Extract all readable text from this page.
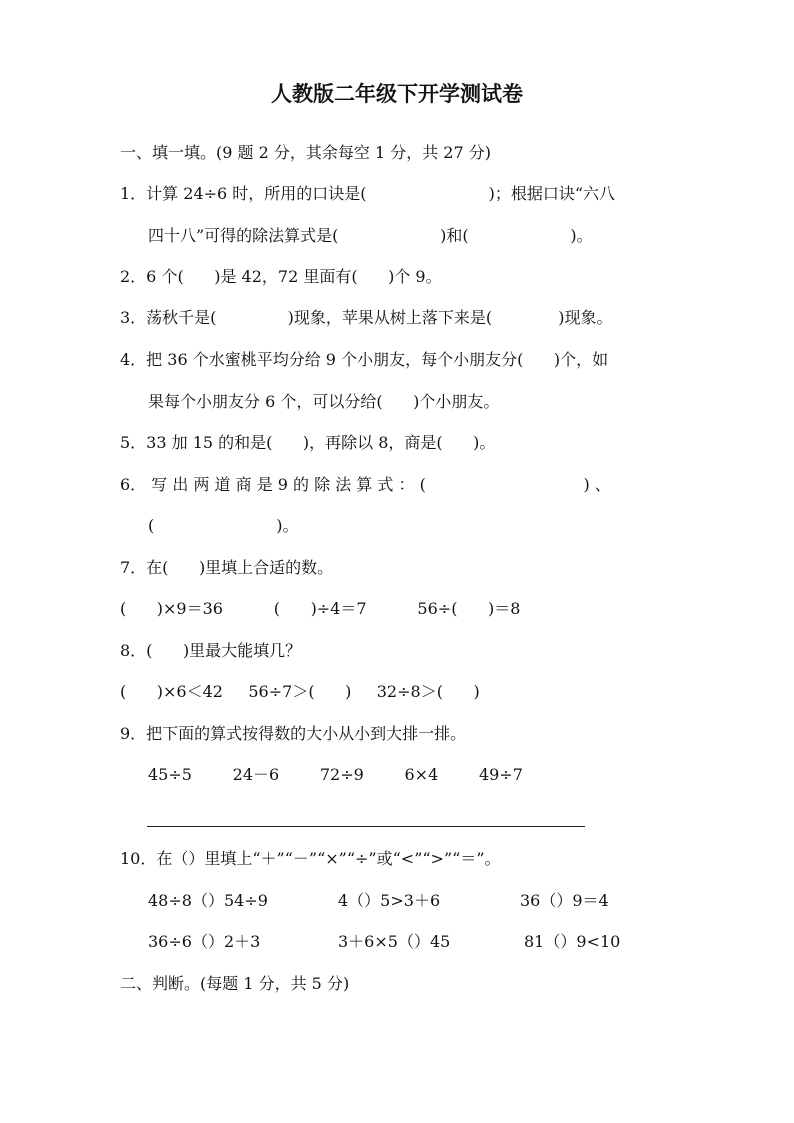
人教版二年级下开学测试卷
一、填一填。(9 题 2 分，其余每空 1 分，共 27 分)
1．计算 24÷6 时，所用的口诀是(                        )；根据口诀“六八
四十八”可得的除法算式是(                    )和(                    )。
2．6 个(      )是 42，72 里面有(      )个 9。
3．荡秋千是(              )现象，苹果从树上落下来是(             )现象。
4．把 36 个水蜜桃平均分给 9 个小朋友，每个小朋友分(      )个，如
果每个小朋友分 6 个，可以分给(      )个小朋友。
5．33 加 15 的和是(      )，再除以 8，商是(      )。
6． 写 出 两 道 商 是 9 的 除 法 算 式 ： (                               ) 、
(                        )。
7．在(      )里填上合适的数。
(      )×9＝36          (      )÷4＝7          56÷(      )＝8
8．(      )里最大能填几？
(      )×6＜42     56÷7＞(      )     32÷8＞(      )
9．把下面的算式按得数的大小从小到大排一排。
45÷5        24－6        72÷9        6×4        49÷7
10．在（）里填上“＋”“－”“×”“÷”或“<”“>”“＝”。
48÷8（）54÷9	4（）5>3＋6	36（）9＝4
36÷6（）2＋3	3＋6×5（）45	81（）9<10
二、判断。(每题 1 分，共 5 分)
